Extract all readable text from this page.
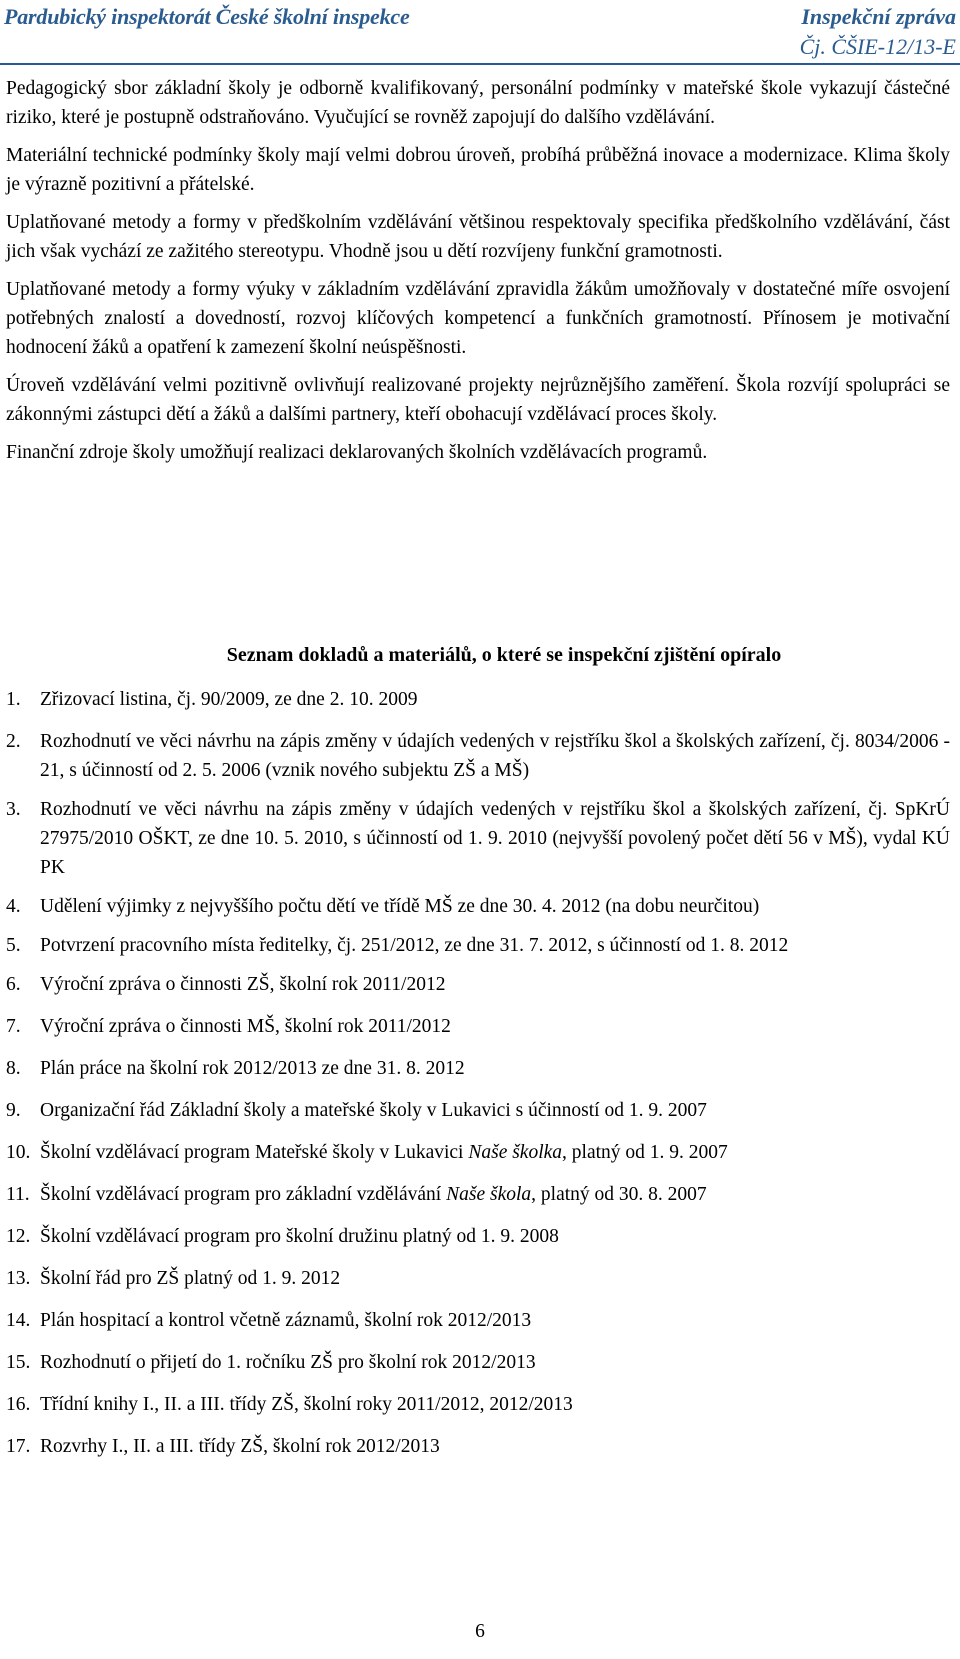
Pardubický inspektorát České školní inspekce	Inspekční zpráva
Čj. ČŠIE-12/13-E

Pedagogický sbor základní školy je odborně kvalifikovaný, personální podmínky v mateřské škole vykazují částečné riziko, které je postupně odstraňováno. Vyučující se rovněž zapojují do dalšího vzdělávání.

Materiální technické podmínky školy mají velmi dobrou úroveň, probíhá průběžná inovace a modernizace. Klima školy je výrazně pozitivní a přátelské.

Uplatňované metody a formy v předškolním vzdělávání většinou respektovaly specifika předškolního vzdělávání, část jich však vychází ze zažitého stereotypu. Vhodně jsou u dětí rozvíjeny funkční gramotnosti.

Uplatňované metody a formy výuky v základním vzdělávání zpravidla žákům umožňovaly v dostatečné míře osvojení potřebných znalostí a dovedností, rozvoj klíčových kompetencí a funkčních gramotností. Přínosem je motivační hodnocení žáků a opatření k zamezení školní neúspěšnosti.

Úroveň vzdělávání velmi pozitivně ovlivňují realizované projekty nejrůznějšího zaměření. Škola rozvíjí spolupráci se zákonnými zástupci dětí a žáků a dalšími partnery, kteří obohacují vzdělávací proces školy.

Finanční zdroje školy umožňují realizaci deklarovaných školních vzdělávacích programů.

Seznam dokladů a materiálů, o které se inspekční zjištění opíralo
1. Zřizovací listina, čj. 90/2009, ze dne 2. 10. 2009
2. Rozhodnutí ve věci návrhu na zápis změny v údajích vedených v rejstříku škol a školských zařízení, čj. 8034/2006 - 21, s účinností od 2. 5. 2006 (vznik nového subjektu ZŠ a MŠ)
3. Rozhodnutí ve věci návrhu na zápis změny v údajích vedených v rejstříku škol a školských zařízení, čj. SpKrÚ 27975/2010 OŠKT, ze dne 10. 5. 2010, s účinností od 1. 9. 2010 (nejvyšší povolený počet dětí 56 v MŠ), vydal KÚ PK
4. Udělení výjimky z nejvyššího počtu dětí ve třídě MŠ ze dne 30. 4. 2012 (na dobu neurčitou)
5. Potvrzení pracovního místa ředitelky, čj. 251/2012, ze dne 31. 7. 2012, s účinností od 1. 8. 2012
6. Výroční zpráva o činnosti ZŠ, školní rok 2011/2012
7. Výroční zpráva o činnosti MŠ, školní rok 2011/2012
8. Plán práce na školní rok 2012/2013 ze dne 31. 8. 2012
9. Organizační řád Základní školy a mateřské školy v Lukavici s účinností od 1. 9. 2007
10. Školní vzdělávací program Mateřské školy v Lukavici Naše školka, platný od 1. 9. 2007
11. Školní vzdělávací program pro základní vzdělávání Naše škola, platný od 30. 8. 2007
12. Školní vzdělávací program pro školní družinu platný od 1. 9. 2008
13. Školní řád pro ZŠ platný od 1. 9. 2012
14. Plán hospitací a kontrol včetně záznamů, školní rok 2012/2013
15. Rozhodnutí o přijetí do 1. ročníku ZŠ pro školní rok 2012/2013
16. Třídní knihy I., II. a III. třídy ZŠ, školní roky 2011/2012, 2012/2013
17. Rozvrhy I., II. a III. třídy ZŠ, školní rok 2012/2013

6
